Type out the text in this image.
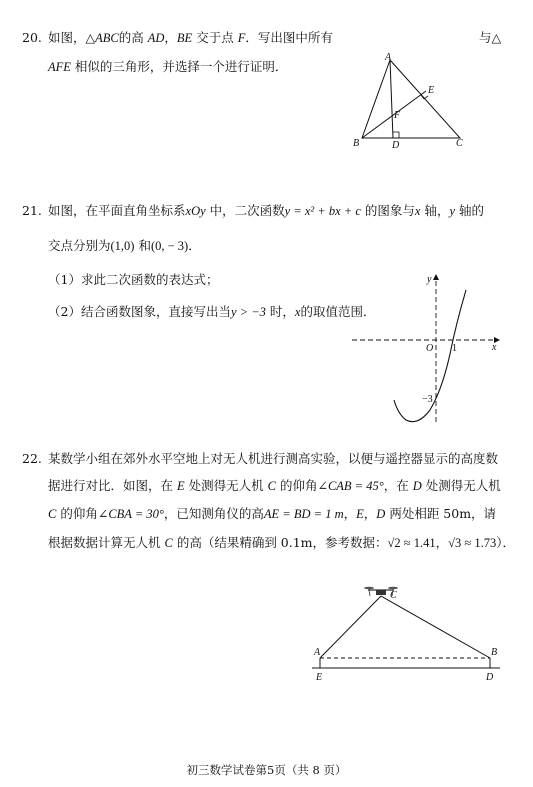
20. 如图，△ABC的高 AD，BE 交于点 F．写出图中所有	与△
AFE 相似的三角形，并选择一个进行证明．
A
B	C
D
E
F
21. 如图，在平面直角坐标系xOy 中，二次函数y = x² + bx + c 的图象与x 轴，y 轴的
交点分别为(1,0) 和(0, − 3)．
（1）求此二次函数的表达式；
（2）结合函数图象，直接写出当y > −3 时，x的取值范围．
y
x
O 1
−3
22. 某数学小组在郊外水平空地上对无人机进行测高实验，以便与遥控器显示的高度数
据进行对比．如图，在 E 处测得无人机 C 的仰角∠CAB = 45°，在 D 处测得无人机
C 的仰角∠CBA = 30°，已知测角仪的高AE = BD = 1 m，E，D 两处相距 50m，请
根据数据计算无人机 C 的高（结果精确到 0.1m，参考数据：√2 ≈ 1.41，√3 ≈ 1.73）．
A	B
C
E	D
初三数学试卷第5页（共 8 页）
